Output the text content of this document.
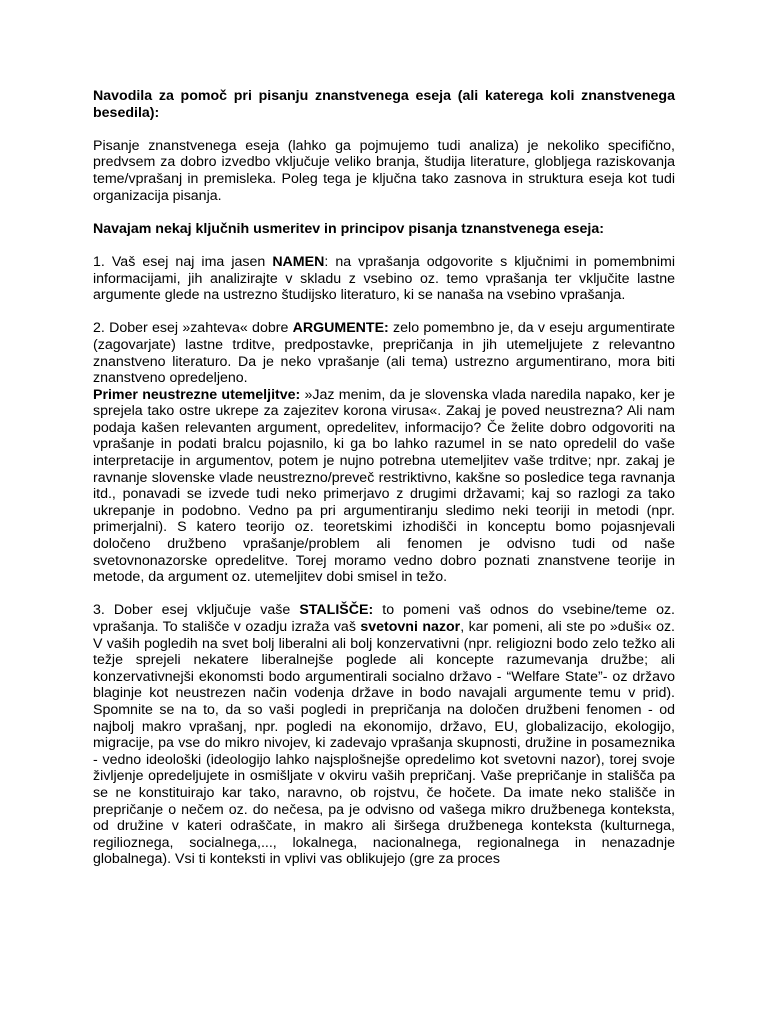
Navodila za pomoč pri pisanju znanstvenega eseja (ali katerega koli znanstvenega besedila):

Pisanje znanstvenega eseja (lahko ga pojmujemo tudi analiza) je nekoliko specifično, predvsem za dobro izvedbo vključuje veliko branja, študija literature, globljega raziskovanja teme/vprašanj in premisleka. Poleg tega je ključna tako zasnova in struktura eseja kot tudi organizacija pisanja.

Navajam nekaj ključnih usmeritev in principov pisanja tznanstvenega eseja:

1. Vaš esej naj ima jasen NAMEN: na vprašanja odgovorite s ključnimi in pomembnimi informacijami, jih analizirajte v skladu z vsebino oz. temo vprašanja ter vključite lastne argumente glede na ustrezno študijsko literaturo, ki se nanaša na vsebino vprašanja.

2. Dober esej »zahteva« dobre ARGUMENTE: zelo pomembno je, da v eseju argumentirate (zagovarjate) lastne trditve, predpostavke, prepričanja in jih utemeljujete z relevantno znanstveno literaturo. Da je neko vprašanje (ali tema) ustrezno argumentirano, mora biti znanstveno opredeljeno.

Primer neustrezne utemeljitve: »Jaz menim, da je slovenska vlada naredila napako, ker je sprejela tako ostre ukrepe za zajezitev korona virusa«. Zakaj je poved neustrezna? Ali nam podaja kašen relevanten argument, opredelitev, informacijo? Če želite dobro odgovoriti na vprašanje in podati bralcu pojasnilo, ki ga bo lahko razumel in se nato opredelil do vaše interpretacije in argumentov, potem je nujno potrebna utemeljitev vaše trditve; npr. zakaj je ravnanje slovenske vlade neustrezno/preveč restriktivno, kakšne so posledice tega ravnanja itd., ponavadi se izvede tudi neko primerjavo z drugimi državami; kaj so razlogi za tako ukrepanje in podobno. Vedno pa pri argumentiranju sledimo neki teoriji in metodi (npr. primerjalni). S katero teorijo oz. teoretskimi izhodišči in konceptu bomo pojasnjevali določeno družbeno vprašanje/problem ali fenomen je odvisno tudi od naše svetovnonazorske opredelitve. Torej moramo vedno dobro poznati znanstvene teorije in metode, da argument oz. utemeljitev dobi smisel in težo.

3. Dober esej vključuje vaše STALIŠČE: to pomeni vaš odnos do vsebine/teme oz. vprašanja. To stališče v ozadju izraža vaš svetovni nazor, kar pomeni, ali ste po »duši« oz. V vaših pogledih na svet bolj liberalni ali bolj konzervativni (npr. religiozni bodo zelo težko ali težje sprejeli nekatere liberalnejše poglede ali koncepte razumevanja družbe; ali konzervativnejši ekonomsti bodo argumentirali socialno državo - “Welfare State”- oz državo blaginje kot neustrezen način vodenja države in bodo navajali argumente temu v prid). Spomnite se na to, da so vaši pogledi in prepričanja na določen družbeni fenomen - od najbolj makro vprašanj, npr. pogledi na ekonomijo, državo, EU, globalizacijo, ekologijo, migracije, pa vse do mikro nivojev, ki zadevajo vprašanja skupnosti, družine in posameznika - vedno ideološki (ideologijo lahko najsplošnejše opredelimo kot svetovni nazor), torej svoje življenje opredeljujete in osmišljate v okviru vaših prepričanj. Vaše prepričanje in stališča pa se ne konstituirajo kar tako, naravno, ob rojstvu, če hočete. Da imate neko stališče in prepričanje o nečem oz. do nečesa, pa je odvisno od vašega mikro družbenega konteksta, od družine v kateri odraščate, in makro ali širšega družbenega konteksta (kulturnega, regilioznega, socialnega,..., lokalnega, nacionalnega, regionalnega in nenazadnje globalnega). Vsi ti konteksti in vplivi vas oblikujejo (gre za proces
